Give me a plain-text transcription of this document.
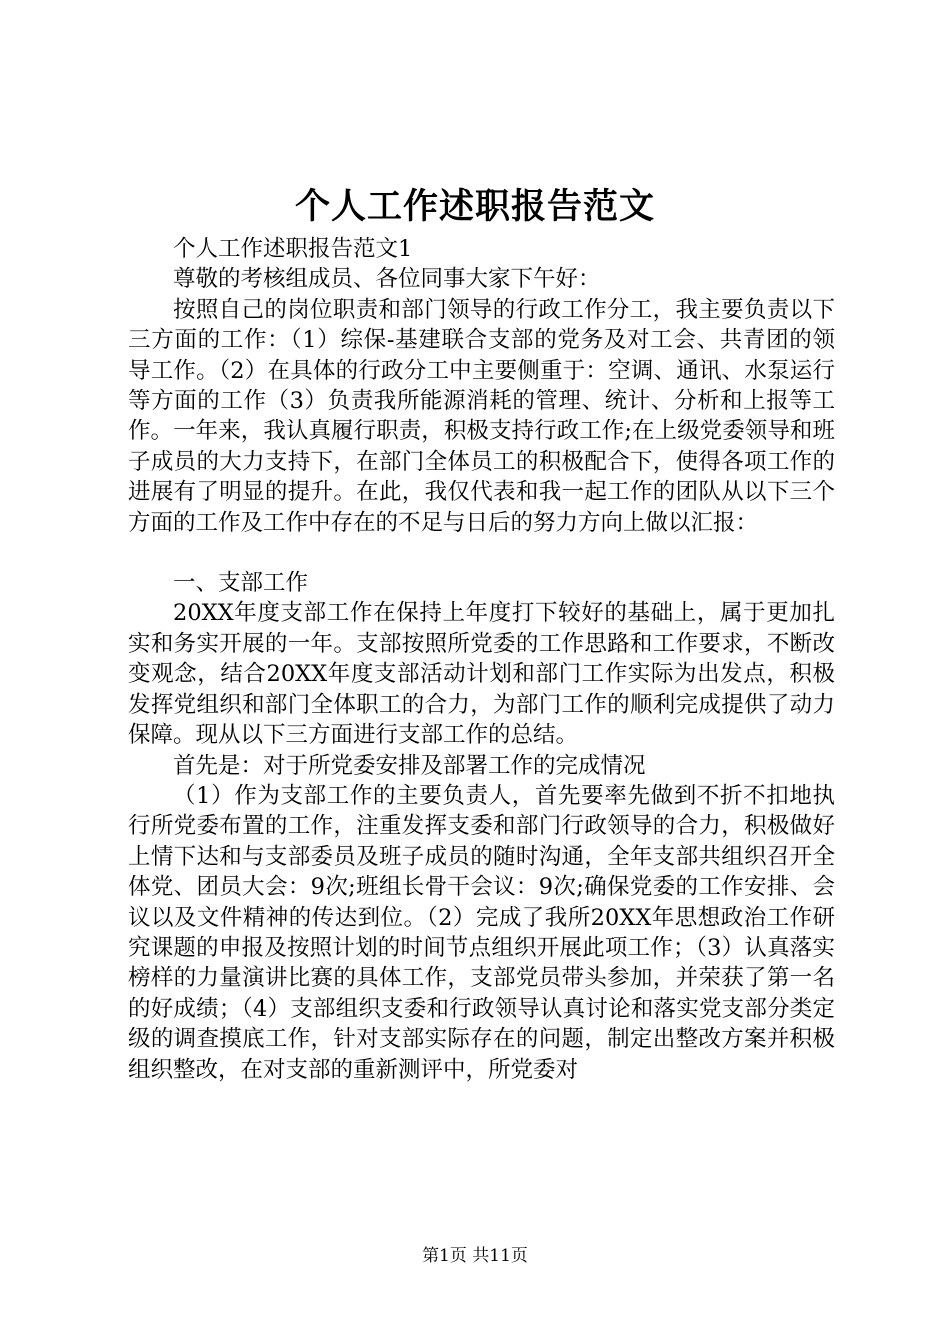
个人工作述职报告范文

个人工作述职报告范文1

尊敬的考核组成员、各位同事大家下午好：

按照自己的岗位职责和部门领导的行政工作分工，我主要负责以下三方面的工作：（1）综保-基建联合支部的党务及对工会、共青团的领导工作。（2）在具体的行政分工中主要侧重于：空调、通讯、水泵运行等方面的工作（3）负责我所能源消耗的管理、统计、分析和上报等工作。一年来，我认真履行职责，积极支持行政工作;在上级党委领导和班子成员的大力支持下，在部门全体员工的积极配合下，使得各项工作的进展有了明显的提升。在此，我仅代表和我一起工作的团队从以下三个方面的工作及工作中存在的不足与日后的努力方向上做以汇报：

一、支部工作

20XX年度支部工作在保持上年度打下较好的基础上，属于更加扎实和务实开展的一年。支部按照所党委的工作思路和工作要求，不断改变观念，结合20XX年度支部活动计划和部门工作实际为出发点，积极发挥党组织和部门全体职工的合力，为部门工作的顺利完成提供了动力保障。现从以下三方面进行支部工作的总结。

首先是：对于所党委安排及部署工作的完成情况

（1）作为支部工作的主要负责人，首先要率先做到不折不扣地执行所党委布置的工作，注重发挥支委和部门行政领导的合力，积极做好上情下达和与支部委员及班子成员的随时沟通，全年支部共组织召开全体党、团员大会：9次;班组长骨干会议：9次;确保党委的工作安排、会议以及文件精神的传达到位。（2）完成了我所20XX年思想政治工作研究课题的申报及按照计划的时间节点组织开展此项工作；（3）认真落实榜样的力量演讲比赛的具体工作，支部党员带头参加，并荣获了第一名的好成绩；（4）支部组织支委和行政领导认真讨论和落实党支部分类定级的调查摸底工作，针对支部实际存在的问题，制定出整改方案并积极组织整改，在对支部的重新测评中，所党委对

第1页 共11页
